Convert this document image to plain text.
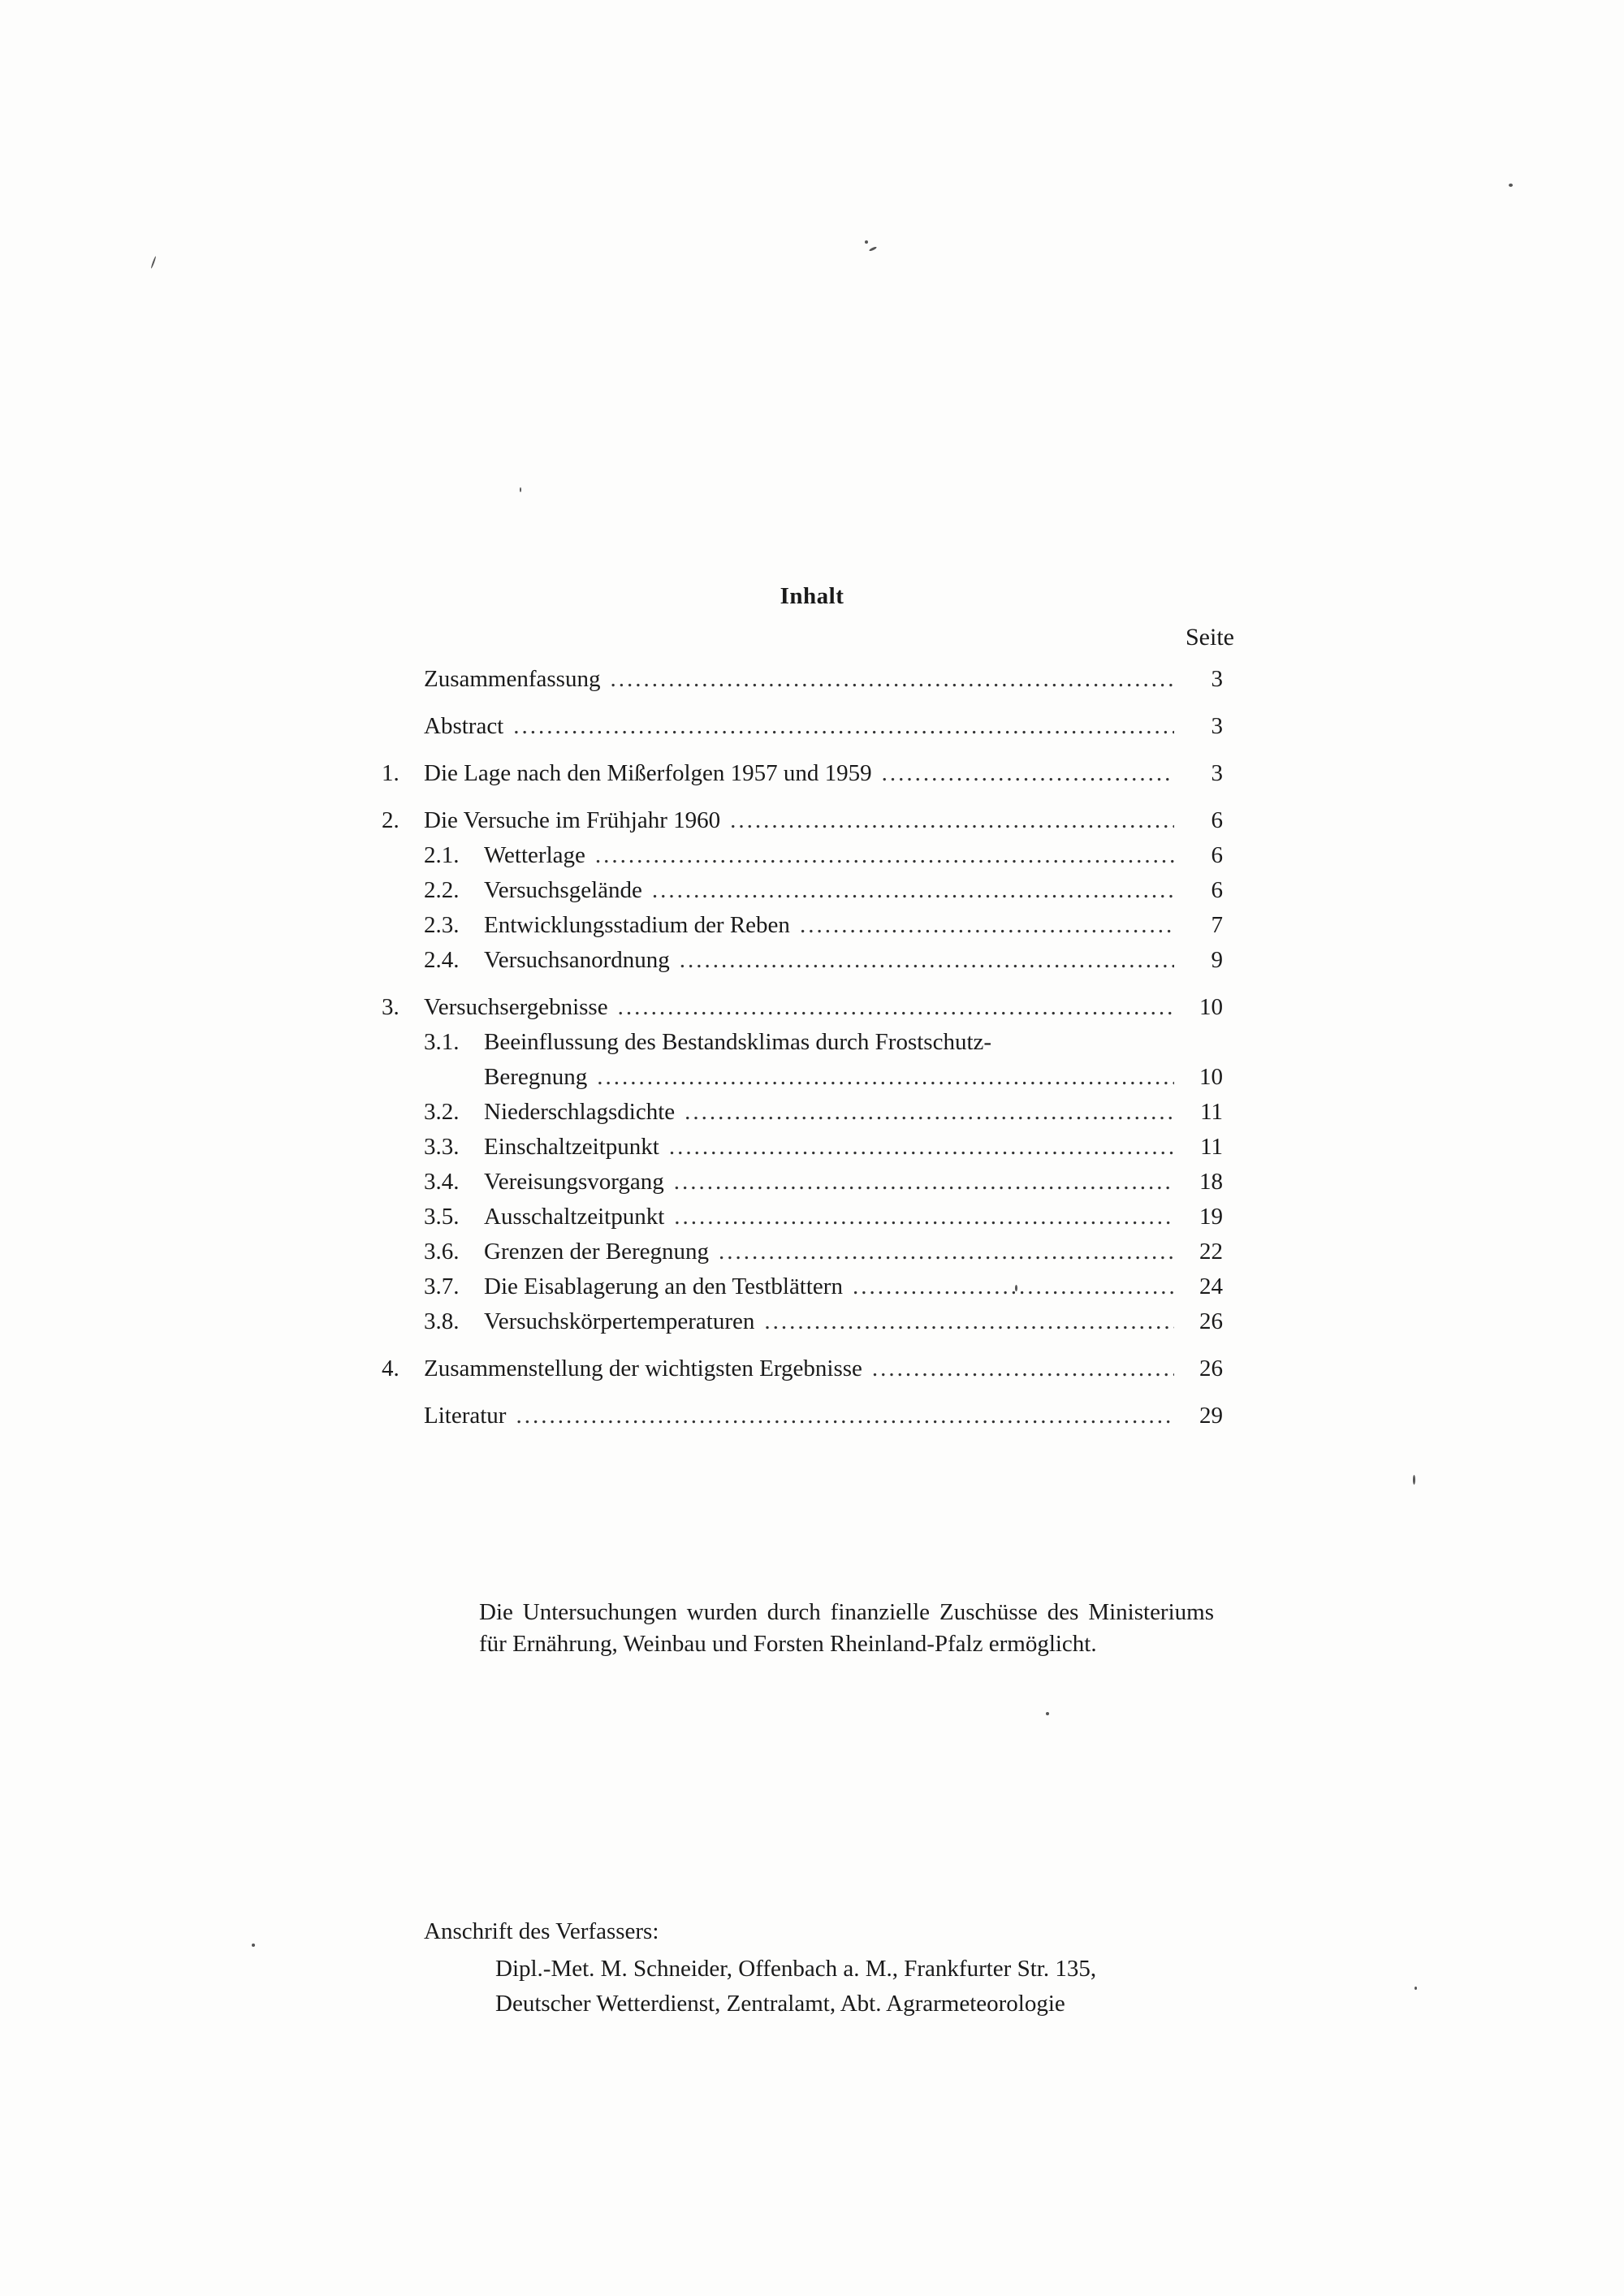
Inhalt
Seite
Zusammenfassung .....	3
Abstract .....	3
1.	Die Lage nach den Mißerfolgen 1957 und 1959 .....	3
2.	Die Versuche im Frühjahr 1960 .....	6
2.1.	Wetterlage .....	6
2.2.	Versuchsgelände .....	6
2.3.	Entwicklungsstadium der Reben .....	7
2.4.	Versuchsanordnung .....	9
3.	Versuchsergebnisse .....	10
3.1.	Beeinflussung des Bestandsklimas durch Frostschutz-
Beregnung .....	10
3.2.	Niederschlagsdichte .....	11
3.3.	Einschaltzeitpunkt .....	11
3.4.	Vereisungsvorgang .....	18
3.5.	Ausschaltzeitpunkt .....	19
3.6.	Grenzen der Beregnung .....	22
3.7.	Die Eisablagerung an den Testblättern .....	24
3.8.	Versuchskörpertemperaturen .....	26
4.	Zusammenstellung der wichtigsten Ergebnisse .....	26
Literatur .....	29
Die Untersuchungen wurden durch finanzielle Zuschüsse des Ministeriums für Ernährung, Weinbau und Forsten Rheinland-Pfalz ermöglicht.
Anschrift des Verfassers:
Dipl.-Met. M. Schneider, Offenbach a. M., Frankfurter Str. 135,
Deutscher Wetterdienst, Zentralamt, Abt. Agrarmeteorologie
